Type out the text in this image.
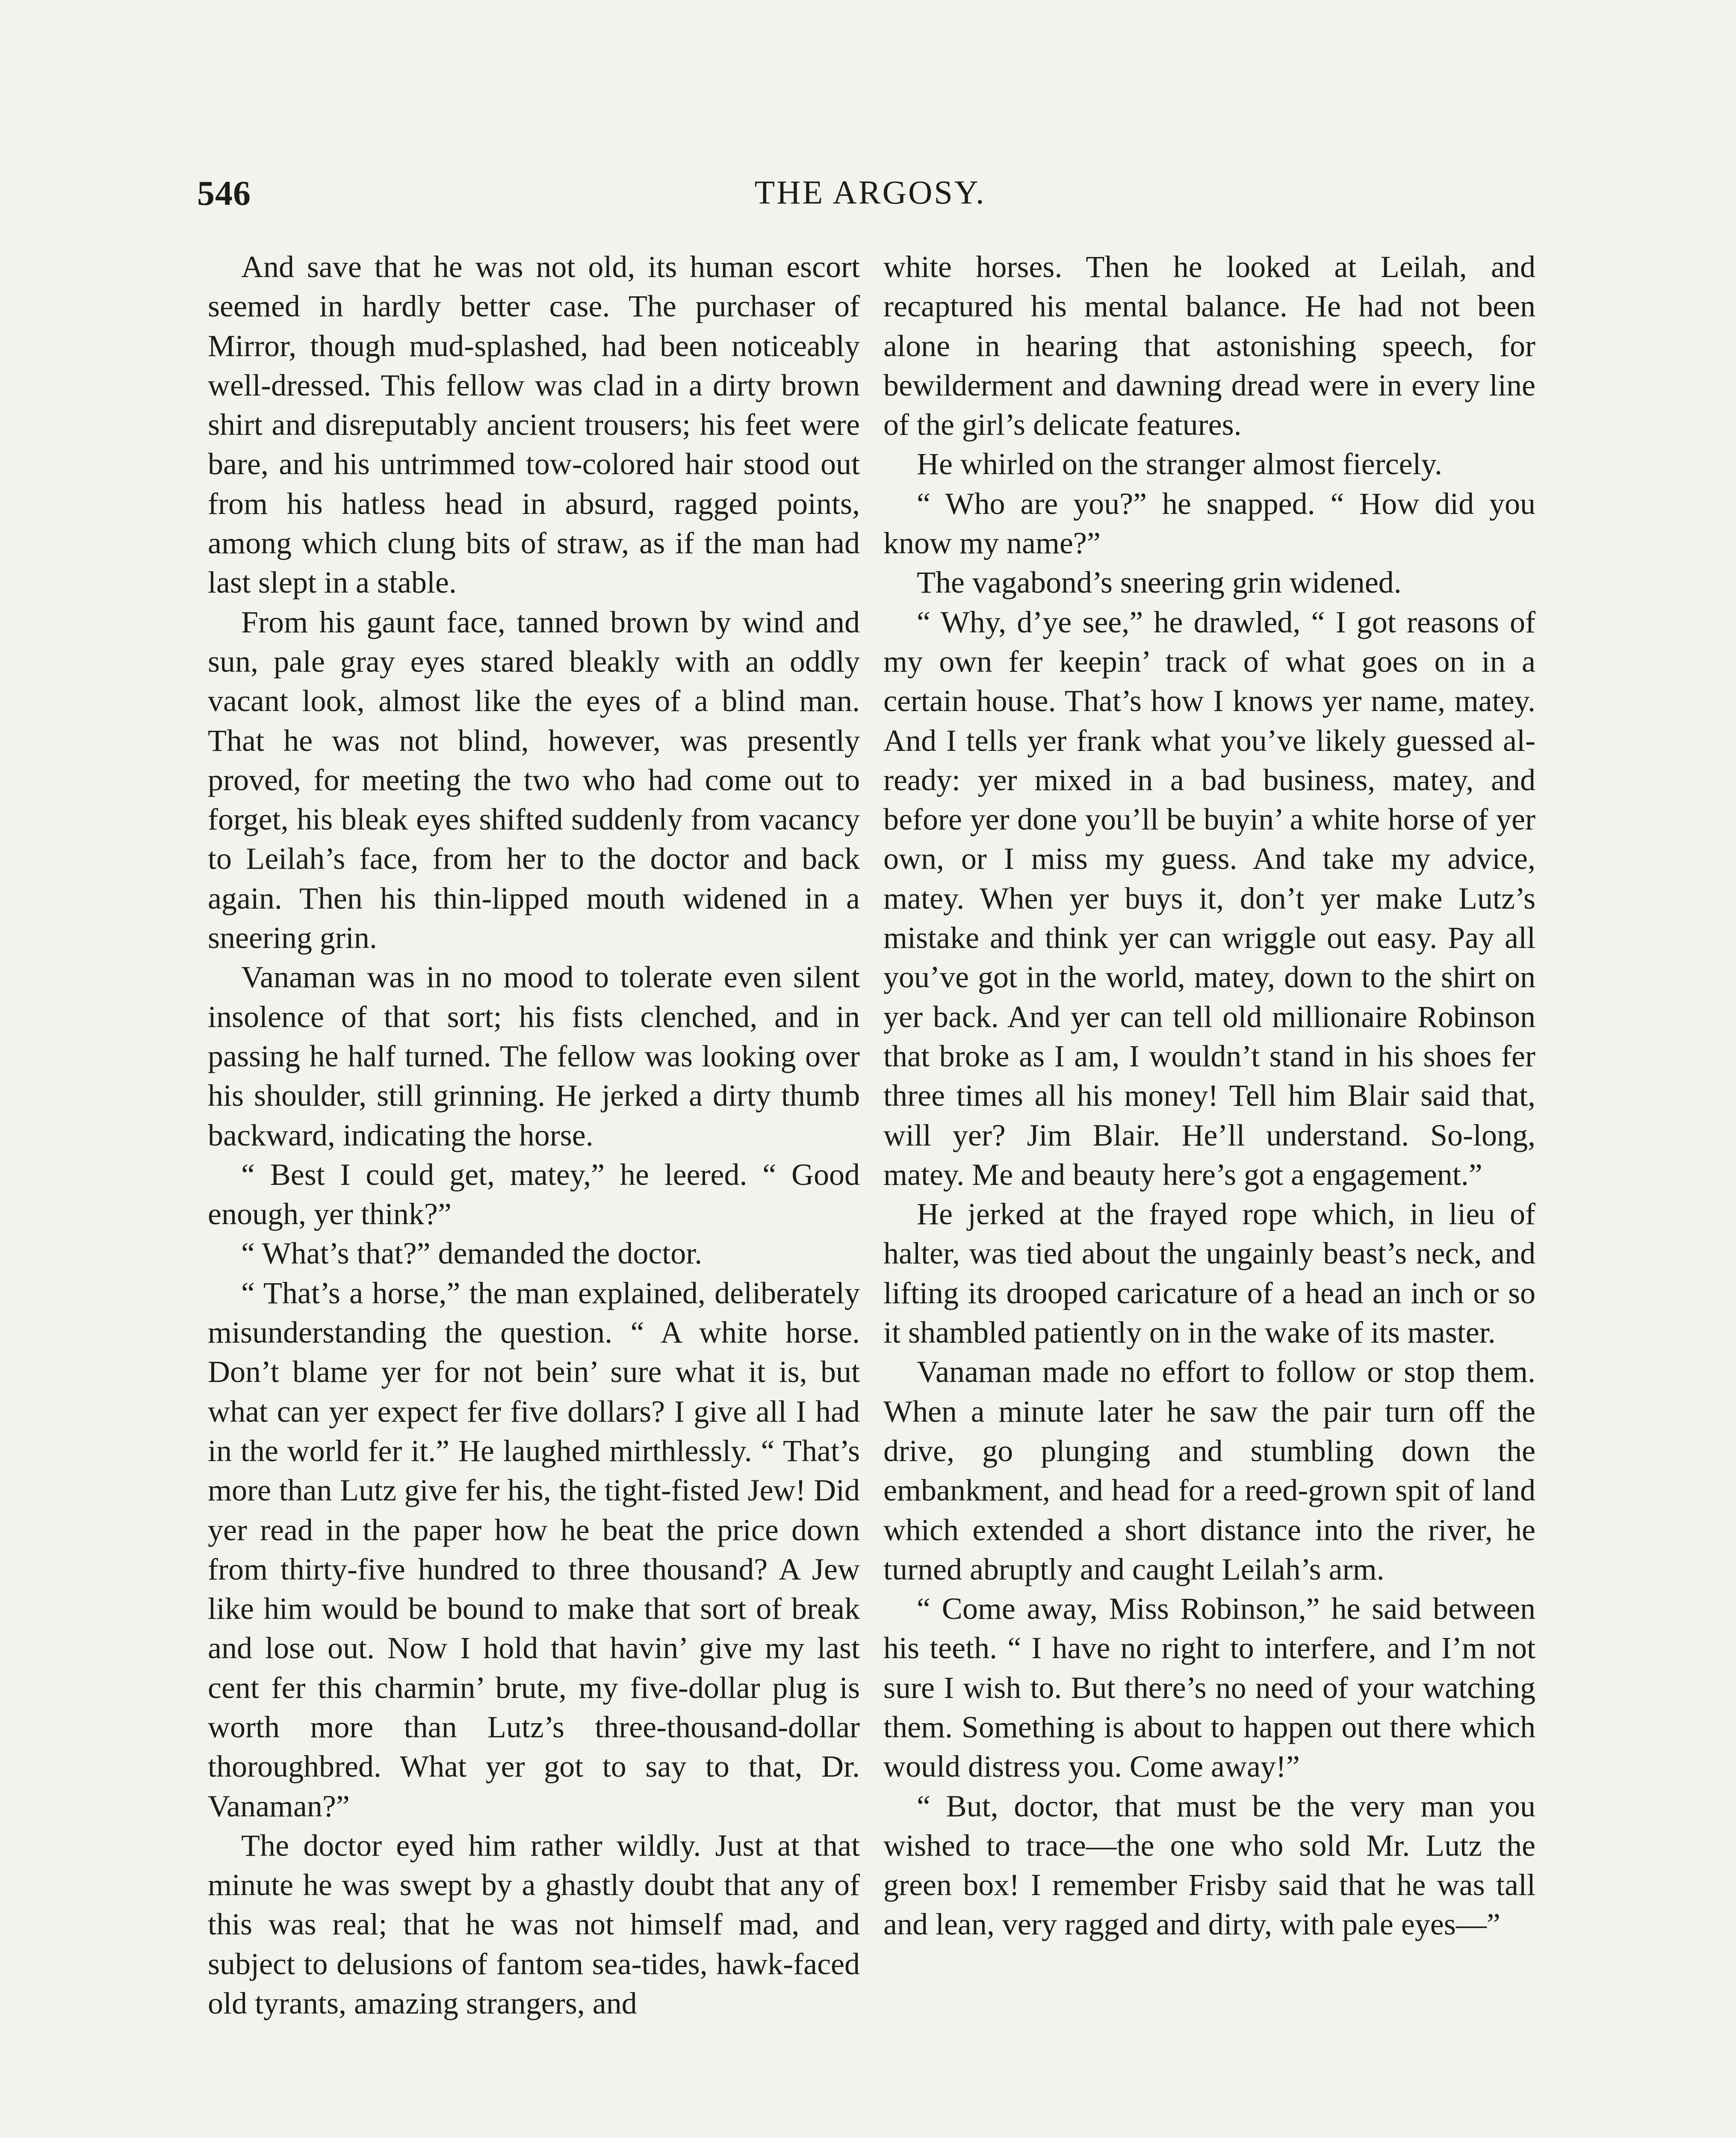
546	THE ARGOSY.

And save that he was not old, its human escort seemed in hardly better case. The purchaser of Mirror, though mud-splashed, had been noticeably well-dressed. This fellow was clad in a dirty brown shirt and disreputably ancient trousers; his feet were bare, and his untrimmed tow-colored hair stood out from his hatless head in absurd, ragged points, among which clung bits of straw, as if the man had last slept in a stable.

From his gaunt face, tanned brown by wind and sun, pale gray eyes stared bleakly with an oddly vacant look, almost like the eyes of a blind man. That he was not blind, however, was presently proved, for meeting the two who had come out to forget, his bleak eyes shifted suddenly from vacancy to Leilah’s face, from her to the doctor and back again. Then his thin-lipped mouth widened in a sneering grin.

Vanaman was in no mood to tolerate even silent insolence of that sort; his fists clenched, and in passing he half turned. The fellow was looking over his shoulder, still grinning. He jerked a dirty thumb backward, indicating the horse.

“ Best I could get, matey,” he leered. “ Good enough, yer think?”

“ What’s that?” demanded the doctor.

“ That’s a horse,” the man explained, deliberately misunderstanding the question. “ A white horse. Don’t blame yer for not bein’ sure what it is, but what can yer expect fer five dollars? I give all I had in the world fer it.” He laughed mirthlessly. “ That’s more than Lutz give fer his, the tight-fisted Jew! Did yer read in the paper how he beat the price down from thirty-five hundred to three thousand? A Jew like him would be bound to make that sort of break and lose out. Now I hold that havin’ give my last cent fer this charmin’ brute, my five-dollar plug is worth more than Lutz’s three-thousand-dollar thoroughbred. What yer got to say to that, Dr. Vanaman?”

The doctor eyed him rather wildly. Just at that minute he was swept by a ghastly doubt that any of this was real; that he was not himself mad, and subject to delusions of fantom sea-tides, hawk-faced old tyrants, amazing strangers, and

white horses. Then he looked at Leilah, and recaptured his mental balance. He had not been alone in hearing that astonishing speech, for bewilderment and dawning dread were in every line of the girl’s delicate features.

He whirled on the stranger almost fiercely.

“ Who are you?” he snapped. “ How did you know my name?”

The vagabond’s sneering grin widened.

“ Why, d’ye see,” he drawled, “ I got reasons of my own fer keepin’ track of what goes on in a certain house. That’s how I knows yer name, matey. And I tells yer frank what you’ve likely guessed already: yer mixed in a bad business, matey, and before yer done you’ll be buyin’ a white horse of yer own, or I miss my guess. And take my advice, matey. When yer buys it, don’t yer make Lutz’s mistake and think yer can wriggle out easy. Pay all you’ve got in the world, matey, down to the shirt on yer back. And yer can tell old millionaire Robinson that broke as I am, I wouldn’t stand in his shoes fer three times all his money! Tell him Blair said that, will yer? Jim Blair. He’ll understand. So-long, matey. Me and beauty here’s got a engagement.”

He jerked at the frayed rope which, in lieu of halter, was tied about the ungainly beast’s neck, and lifting its drooped caricature of a head an inch or so it shambled patiently on in the wake of its master.

Vanaman made no effort to follow or stop them. When a minute later he saw the pair turn off the drive, go plunging and stumbling down the embankment, and head for a reed-grown spit of land which extended a short distance into the river, he turned abruptly and caught Leilah’s arm.

“ Come away, Miss Robinson,” he said between his teeth. “ I have no right to interfere, and I’m not sure I wish to. But there’s no need of your watching them. Something is about to happen out there which would distress you. Come away!”

“ But, doctor, that must be the very man you wished to trace—the one who sold Mr. Lutz the green box! I remember Frisby said that he was tall and lean, very ragged and dirty, with pale eyes—”
